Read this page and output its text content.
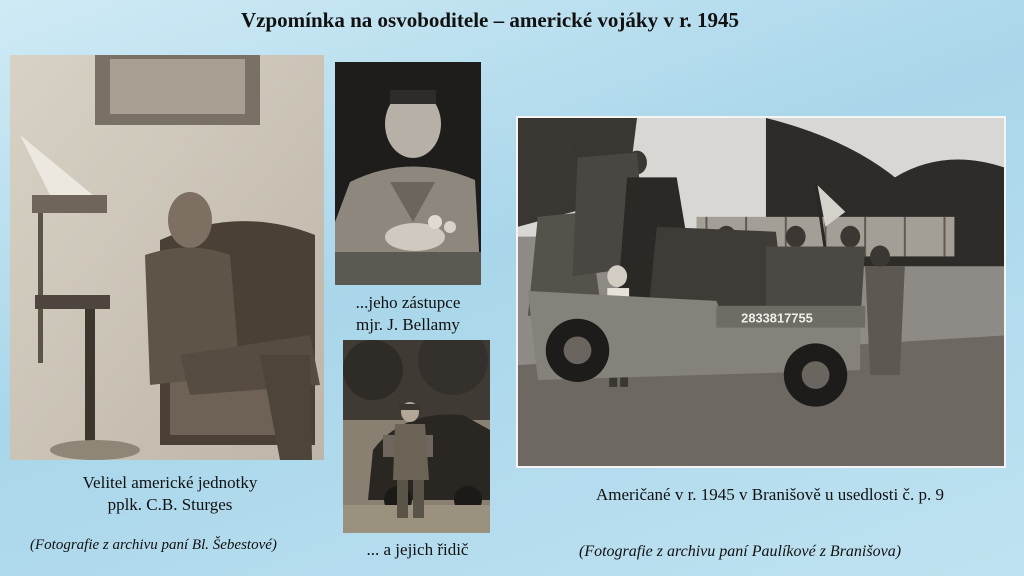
Vzpomínka na osvoboditele – americké vojáky v r. 1945
...jeho zástupce
mjr. J. Bellamy	2833817755
Velitel americké jednotky
pplk. C.B. Sturges
(Fotografie z archivu paní Bl. Šebestové)	... a jejich řidič
Američané v r. 1945 v Branišově u usedlosti č. p. 9
(Fotografie z archivu paní Paulíkové z Branišova)
